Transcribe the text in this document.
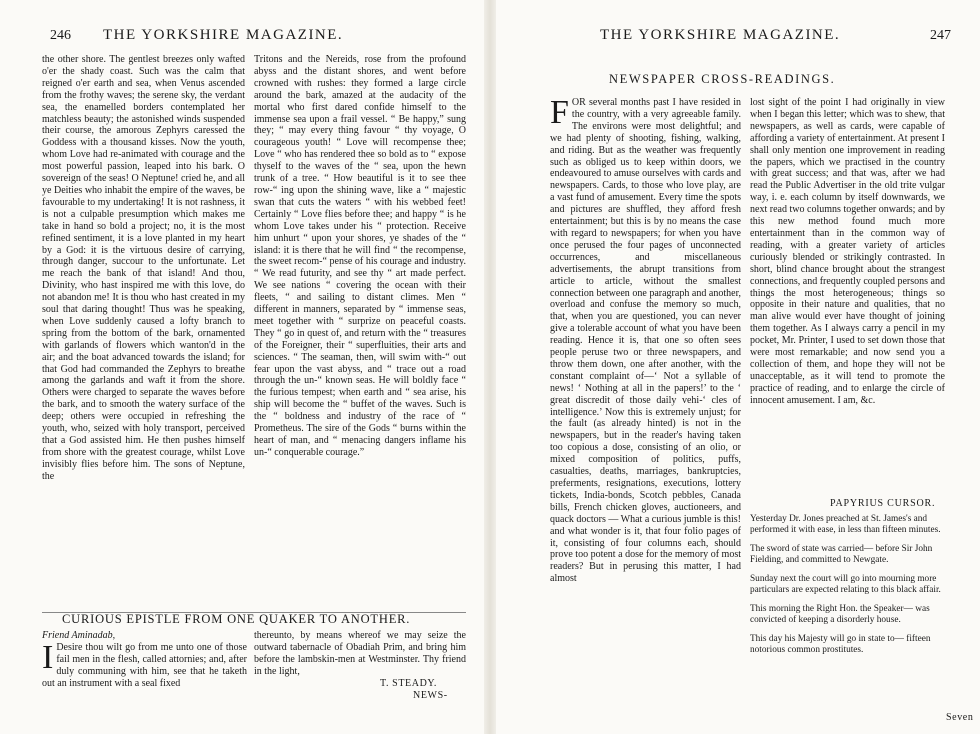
246 THE YORKSHIRE MAGAZINE.

the other shore. The gentlest breezes only wafted o'er the shady coast. Such was the calm that reigned o'er earth and sea, when Venus ascended from the frothy waves; the serene sky, the verdant sea, the enamelled borders contemplated her matchless beauty; the astonished winds suspended their course, the amorous Zephyrs caressed the Goddess with a thousand kisses. Now the youth, whom Love had re-animated with courage and the most powerful passion, leaped into his bark. O sovereign of the seas! O Neptune! cried he, and all ye Deities who inhabit the empire of the waves, be favourable to my undertaking! It is not rashness, it is not a culpable presumption which makes me take in hand so bold a project; no, it is the most refined sentiment, it is a love planted in my heart by a God: it is the virtuous desire of carrying, through danger, succour to the unfortunate. Let me reach the bank of that island! And thou, Divinity, who hast inspired me with this love, do not abandon me! It is thou who hast created in my soul that daring thought! Thus was he speaking, when Love suddenly caused a lofty branch to spring from the bottom of the bark, ornamented with garlands of flowers which wanton'd in the air; and the boat advanced towards the island; for that God had commanded the Zephyrs to breathe among the garlands and waft it from the shore. Others were charged to separate the waves before the bark, and to smooth the watery surface of the deep; others were occupied in refreshing the youth, who, seized with holy transport, perceived that a God assisted him. He then pushes himself from shore with the greatest courage, whilst Love invisibly flies before him. The sons of Neptune, the

Tritons and the Nereids, rose from the profound abyss and the distant shores, and went before crowned with rushes: they formed a large circle around the bark, amazed at the audacity of the mortal who first dared confide himself to the immense sea upon a frail vessel. “ Be happy,” sung they; “ may every thing favour “ thy voyage, O courageous youth! “ Love will recompense thee; Love “ who has rendered thee so bold as to “ expose thyself to the waves of the “ sea, upon the hewn trunk of a tree. “ How beautiful is it to see thee row-“ ing upon the shining wave, like a “ majestic swan that cuts the waters “ with his webbed feet! Certainly “ Love flies before thee; and happy “ is he whom Love takes under his “ protection. Receive him unhurt “ upon your shores, ye shades of the “ island: it is there that he will find “ the recompense, the sweet recom-“ pense of his courage and industry. “ We read futurity, and see thy “ art made perfect. We see nations “ covering the ocean with their fleets, “ and sailing to distant climes. Men “ different in manners, separated by “ immense seas, meet together with “ surprize on peaceful coasts. They “ go in quest of, and return with the “ treasures of the Foreigner, their “ superfluities, their arts and sciences. “ The seaman, then, will swim with-“ out fear upon the vast abyss, and “ trace out a road through the un-“ known seas. He will boldly face “ the furious tempest; when earth and “ sea arise, his ship will become the “ buffet of the waves. Such is the “ boldness and industry of the race of “ Prometheus. The sire of the Gods “ burns within the heart of man, and “ menacing dangers inflame his un-“ conquerable courage.”

CURIOUS EPISTLE FROM ONE QUAKER TO ANOTHER.

Friend Aminadab,

I Desire thou wilt go from me unto one of those fail men in the flesh, called attornies; and, after duly communing with him, see that he taketh out an instrument with a seal fixed

thereunto, by means whereof we may seize the outward tabernacle of Obadiah Prim, and bring him before the lambskin-men at Westminster. Thy friend in the light,

T. STEADY.
NEWS-
THE YORKSHIRE MAGAZINE.	247
NEWSPAPER CROSS-READINGS.

FOR several months past I have resided in the country, with a very agreeable family. The environs were most delightful; and we had plenty of shooting, fishing, walking, and riding. But as the weather was frequently such as obliged us to keep within doors, we endeavoured to amuse ourselves with cards and newspapers. Cards, to those who love play, are a vast fund of amusement. Every time the spots and pictures are shuffled, they afford fresh entertainment; but this is by no means the case with regard to newspapers; for when you have once perused the four pages of unconnected occurrences, and miscellaneous advertisements, the abrupt transitions from article to article, without the smallest connection between one paragraph and another, overload and confuse the memory so much, that, when you are questioned, you can never give a tolerable account of what you have been reading. Hence it is, that one so often sees people peruse two or three newspapers, and throw them down, one after another, with the constant complaint of—‘ Not a syllable of news! ‘ Nothing at all in the papers!’ to the ‘ great discredit of those daily vehi-‘ cles of intelligence.’ Now this is extremely unjust; for the fault (as already hinted) is not in the newspapers, but in the reader's having taken too copious a dose, consisting of an olio, or mixed composition of politics, puffs, casualties, deaths, marriages, bankruptcies, preferments, resignations, executions, lottery tickets, India-bonds, Scotch pebbles, Canada bills, French chicken gloves, auctioneers, and quack doctors — What a curious jumble is this! and what wonder is it, that four folio pages of it, consisting of four columns each, should prove too potent a dose for the memory of most readers? But in perusing this matter, I had almost

lost sight of the point I had originally in view when I began this letter; which was to shew, that newspapers, as well as cards, were capable of affording a variety of entertainment. At present I shall only mention one improvement in reading the papers, which we practised in the country with great success; and that was, after we had read the Public Advertiser in the old trite vulgar way, i. e. each column by itself downwards, we next read two columns together onwards; and by this new method found much more entertainment than in the common way of reading, with a greater variety of articles curiously blended or strikingly contrasted. In short, blind chance brought about the strangest connections, and frequently coupled persons and things the most heterogeneous; things so opposite in their nature and qualities, that no man alive would ever have thought of joining them together. As I always carry a pencil in my pocket, Mr. Printer, I used to set down those that were most remarkable; and now send you a collection of them, and hope they will not be unacceptable, as it will tend to promote the practice of reading, and to enlarge the circle of innocent amusement. I am, &c.

PAPYRIUS CURSOR.

Yesterday Dr. Jones preached at St. James's and performed it with ease, in less than fifteen minutes.

The sword of state was carried— before Sir John Fielding, and committed to Newgate.

Sunday next the court will go into mourning more particulars are expected relating to this black affair.

This morning the Right Hon. the Speaker— was convicted of keeping a disorderly house.

This day his Majesty will go in state to— fifteen notorious common prostitutes.

Seven
